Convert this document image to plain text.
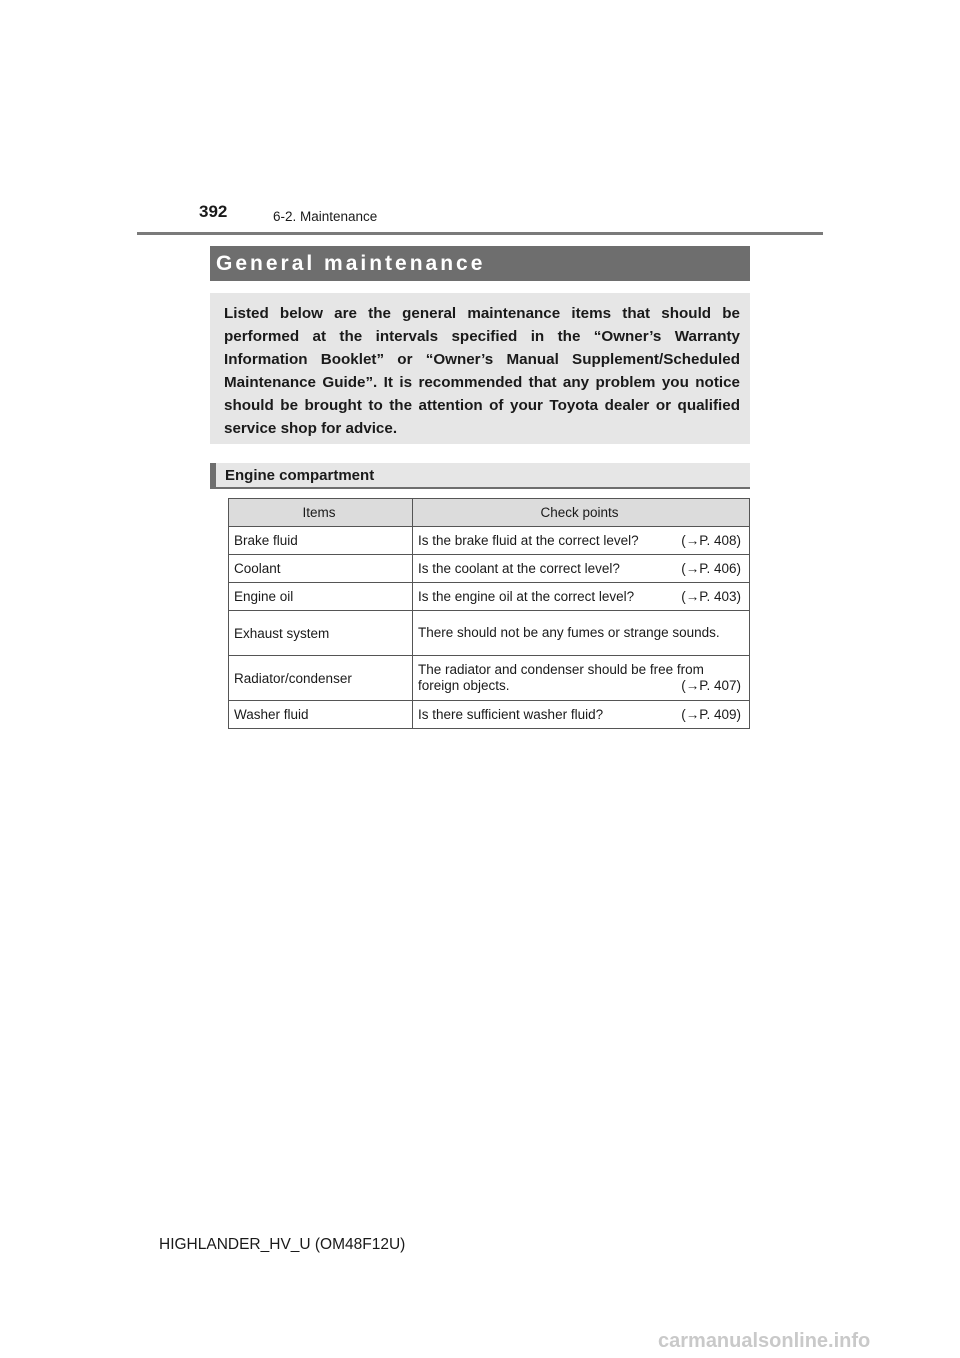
392	6-2. Maintenance
General maintenance
Listed below are the general maintenance items that should be performed at the intervals specified in the “Owner’s Warranty Information Booklet” or “Owner’s Manual Supplement/Scheduled Maintenance Guide”. It is recommended that any problem you notice should be brought to the attention of your Toyota dealer or qualified service shop for advice.
Engine compartment
Items	Check points
Brake fluid	Is the brake fluid at the correct level? (→P. 408)

Coolant	Is the coolant at the correct level? (→P. 406)

Engine oil	Is the engine oil at the correct level? (→P. 403)

Exhaust system	There should not be any fumes or strange sounds.
Radiator/condenser	The radiator and condenser should be free from foreign objects. (→P. 407)

Washer fluid	Is there sufficient washer fluid? (→P. 409)
HIGHLANDER_HV_U (OM48F12U)
carmanualsonline.info
